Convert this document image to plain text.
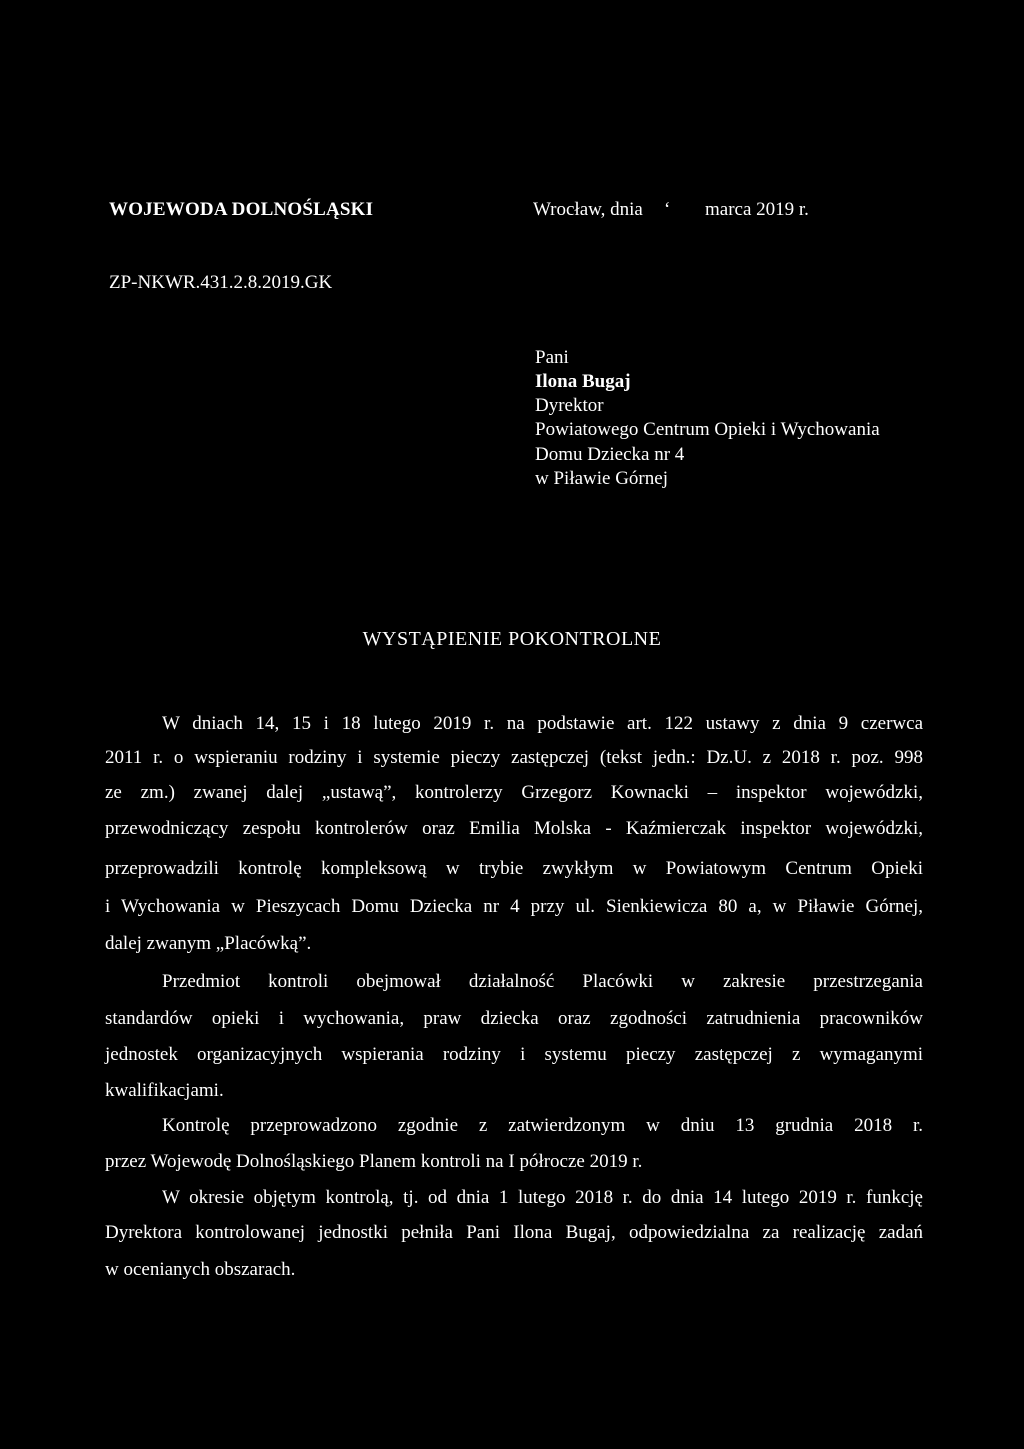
WOJEWODA DOLNOŚLĄSKI	Wrocław, dnia ‘ marca 2019 r.
ZP-NKWR.431.2.8.2019.GK
Pani
Ilona Bugaj
Dyrektor
Powiatowego Centrum Opieki i Wychowania
Domu Dziecka nr 4
w Piławie Górnej
WYSTĄPIENIE POKONTROLNE
W dniach 14, 15 i 18 lutego 2019 r. na podstawie art. 122 ustawy z dnia 9 czerwca
2011 r. o wspieraniu rodziny i systemie pieczy zastępczej (tekst jedn.: Dz.U. z 2018 r. poz. 998
ze zm.) zwanej dalej „ustawą”, kontrolerzy Grzegorz Kownacki – inspektor wojewódzki,
przewodniczący zespołu kontrolerów oraz Emilia Molska - Kaźmierczak inspektor wojewódzki,
przeprowadzili kontrolę kompleksową w trybie zwykłym w Powiatowym Centrum Opieki
i Wychowania w Pieszycach Domu Dziecka nr 4 przy ul. Sienkiewicza 80 a, w Piławie Górnej,
dalej zwanym „Placówką”.
Przedmiot kontroli obejmował działalność Placówki w zakresie przestrzegania
standardów opieki i wychowania, praw dziecka oraz zgodności zatrudnienia pracowników
jednostek organizacyjnych wspierania rodziny i systemu pieczy zastępczej z wymaganymi
kwalifikacjami.
Kontrolę przeprowadzono zgodnie z zatwierdzonym w dniu 13 grudnia 2018 r.
przez Wojewodę Dolnośląskiego Planem kontroli na I półrocze 2019 r.
W okresie objętym kontrolą, tj. od dnia 1 lutego 2018 r. do dnia 14 lutego 2019 r. funkcję
Dyrektora kontrolowanej jednostki pełniła Pani Ilona Bugaj, odpowiedzialna za realizację zadań
w ocenianych obszarach.
